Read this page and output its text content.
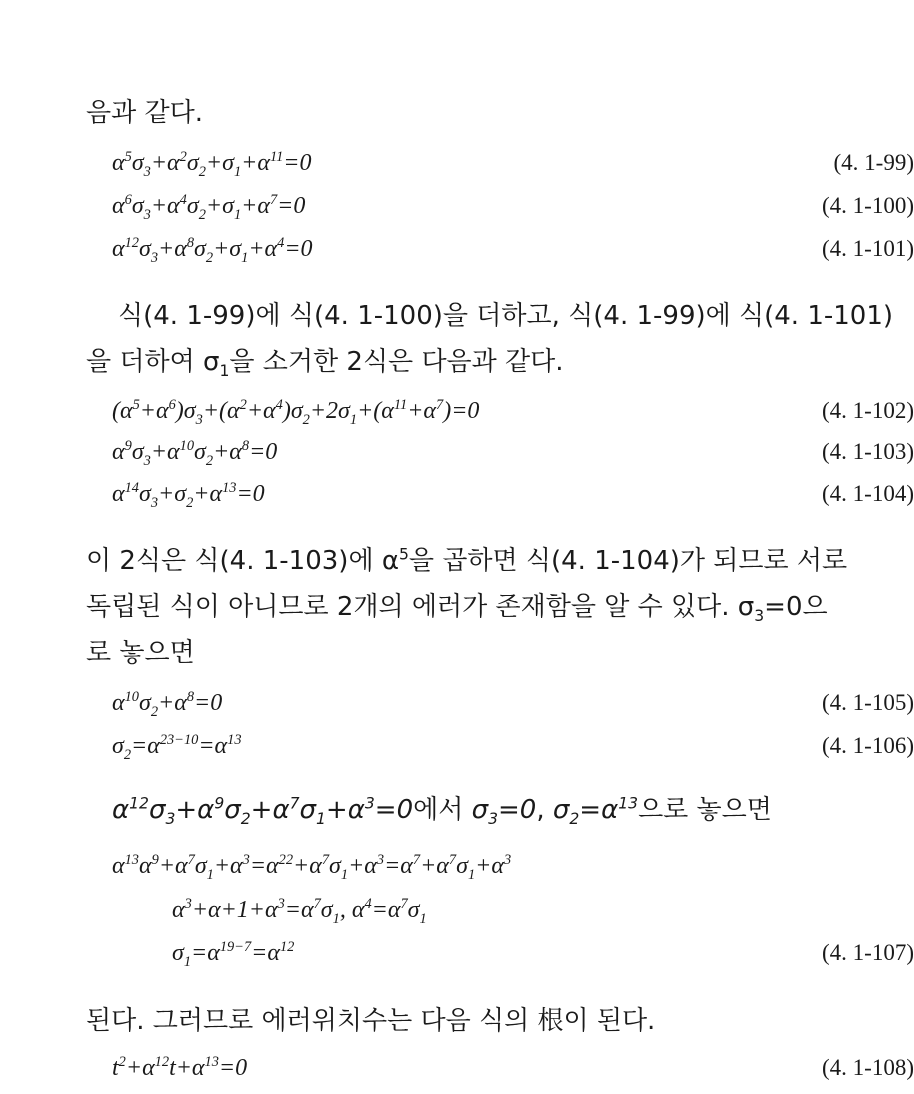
음과 같다.
$\alpha^5\sigma_3+\alpha^2\sigma_2+\sigma_1+\alpha^{11}=0$	(4. 1-99)
$\alpha^6\sigma_3+\alpha^4\sigma_2+\sigma_1+\alpha^7=0$	(4. 1-100)
$\alpha^{12}\sigma_3+\alpha^8\sigma_2+\sigma_1+\alpha^4=0$	(4. 1-101)
식(4. 1-99)에 식(4. 1-100)을 더하고, 식(4. 1-99)에 식(4. 1-101)
을 더하여 $\sigma_1$을 소거한 2식은 다음과 같다.
$(\alpha^5+\alpha^6)\sigma_3+(\alpha^2+\alpha^4)\sigma_2+2\sigma_1+(\alpha^{11}+\alpha^7)=0$	(4. 1-102)
$\alpha^9\sigma_3+\alpha^{10}\sigma_2+\alpha^8=0$	(4. 1-103)
$\alpha^{14}\sigma_3+\sigma_2+\alpha^{13}=0$	(4. 1-104)
이 2식은 식(4. 1-103)에 $\alpha^5$을 곱하면 식(4. 1-104)가 되므로 서로
독립된 식이 아니므로 2개의 에러가 존재함을 알 수 있다. $\sigma_3=0$으
로 놓으면
$\alpha^{10}\sigma_2+\alpha^8=0$	(4. 1-105)
$\sigma_2=\alpha^{23-10}=\alpha^{13}$	(4. 1-106)
$\alpha^{12}\sigma_3+\alpha^9\sigma_2+\alpha^7\sigma_1+\alpha^3=0$에서 $\sigma_3=0$, $\sigma_2=\alpha^{13}$으로 놓으면
$\alpha^{13}\alpha^9+\alpha^7\sigma_1+\alpha^3=\alpha^{22}+\alpha^7\sigma_1+\alpha^3=\alpha^7+\alpha^7\sigma_1+\alpha^3$
$\alpha^3+\alpha+1+\alpha^3=\alpha^7\sigma_1$, $\alpha^4=\alpha^7\sigma_1$
$\sigma_1=\alpha^{19-7}=\alpha^{12}$	(4. 1-107)
된다. 그러므로 에러위치수는 다음 식의 根이 된다.
$t^2+\alpha^{12}t+\alpha^{13}=0$	(4. 1-108)
